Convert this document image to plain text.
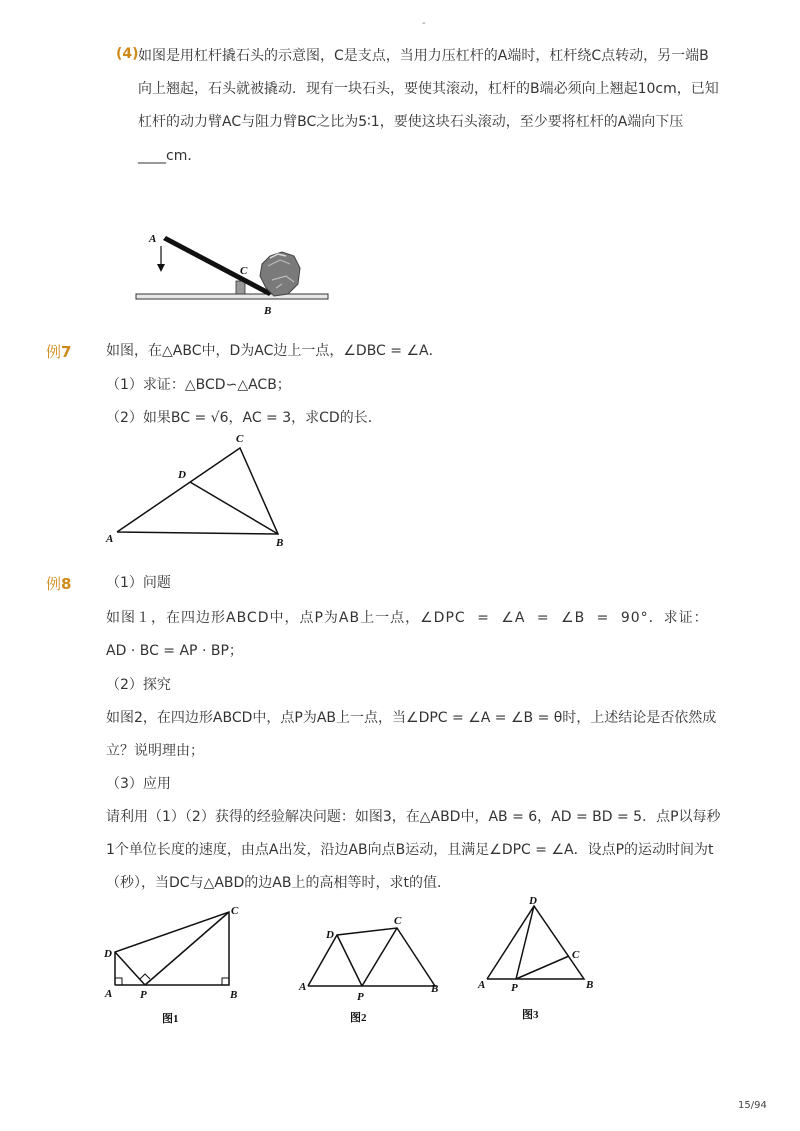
-
(4) 如图是用杠杆撬石头的示意图，C是支点，当用力压杠杆的A端时，杠杆绕C点转动，另一端B
向上翘起，石头就被撬动．现有一块石头，要使其滚动，杠杆的B端必须向上翘起10cm，已知
杠杆的动力臂AC与阻力臂BC之比为5∶1，要使这块石头滚动，至少要将杠杆的A端向下压
____cm．
A
C
B
例7 如图，在△ABC中，D为AC边上一点，∠DBC = ∠A．
（1）求证：△BCD∽△ACB；
（2）如果BC = √6，AC = 3，求CD的长．
A
C
D
B
例8 （1）问题
如图１，在四边形ABCD中，点P为AB上一点，∠DPC = ∠A = ∠B = 90°．求证：
AD · BC = AP · BP；
（2）探究
如图2，在四边形ABCD中，点P为AB上一点，当∠DPC = ∠A = ∠B = θ时，上述结论是否依然成
立？说明理由；
（3）应用
请利用（1）（2）获得的经验解决问题：如图3，在△ABD中，AB = 6，AD = BD = 5．点P以每秒
1个单位长度的速度，由点A出发，沿边AB向点B运动，且满足∠DPC = ∠A．设点P的运动时间为t
（秒），当DC与△ABD的边AB上的高相等时，求t的值．
D
C
A	P	B
图1
D
C
A
P
B
图2
D
C
A P	B
图3
15/94
